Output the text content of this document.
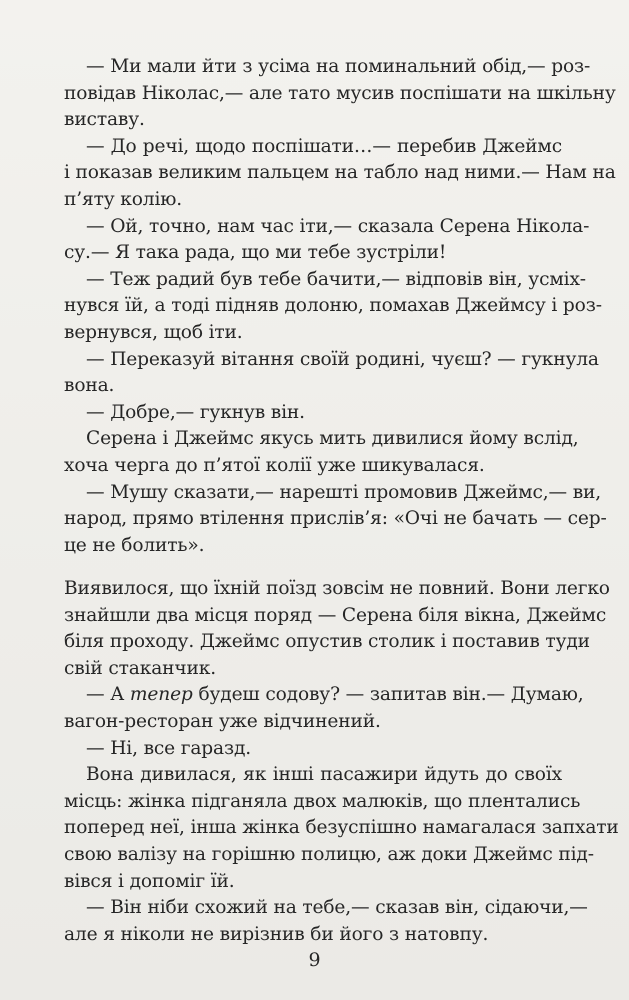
— Ми мали йти з усіма на поминальний обід,— роз-
повідав Ніколас,— але тато мусив поспішати на шкільну
виставу.
— До речі, щодо поспішати…— перебив Джеймс
і показав великим пальцем на табло над ними.— Нам на
п’яту колію.
— Ой, точно, нам час іти,— сказала Серена Ніколa-
су.— Я така рада, що ми тебе зустріли!
— Теж радий був тебе бачити,— відповів він, усміх-
нувся їй, а тоді підняв долоню, помахав Джеймсу і роз-
вернувся, щоб іти.
— Переказуй вітання своїй родині, чуєш? — гукнула
вона.
— Добре,— гукнув він.
Серена і Джеймс якусь мить дивилися йому вслід,
хоча черга до п’ятої колії уже шикувалася.
— Мушу сказати,— нарешті промовив Джеймс,— ви,
народ, прямо втілення прислів’я: «Очі не бачать — сер-
це не болить».
Виявилося, що їхній поїзд зовсім не повний. Вони легко
знайшли два місця поряд — Серена біля вікна, Джеймс
біля проходу. Джеймс опустив столик і поставив туди
свій стаканчик.
— А тепер будеш содову? — запитав він.— Думаю,
вагон-ресторан уже відчинений.
— Ні, все гаразд.
Вона дивилася, як інші пасажири йдуть до своїх
місць: жінка підганяла двох малюків, що плентались
поперед неї, інша жінка безуспішно намагалася запхати
свою валізу на горішню полицю, аж доки Джеймс під-
вівся і допоміг їй.
— Він ніби схожий на тебе,— сказав він, сідаючи,—
але я ніколи не вирізнив би його з натовпу.
9
